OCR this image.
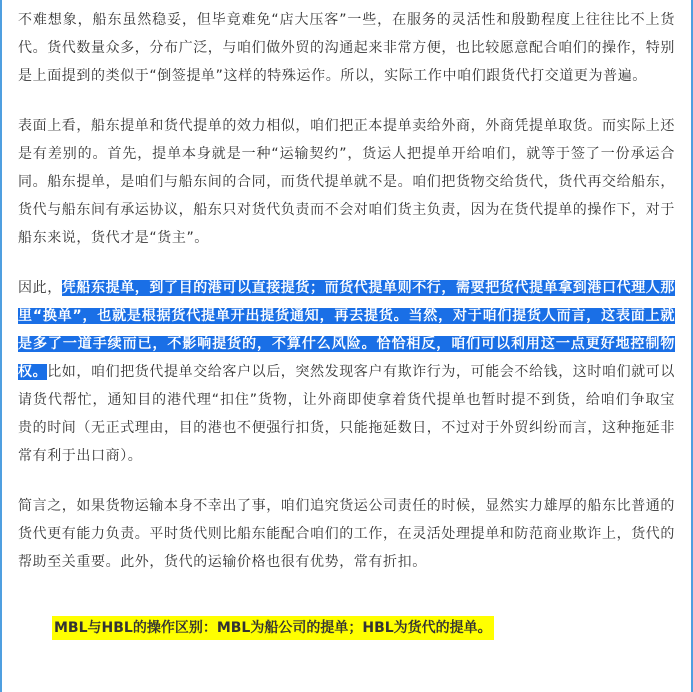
不难想象，船东虽然稳妥，但毕竟难免“店大压客”一些，在服务的灵活性和殷勤程度上往往比不上货代。货代数量众多，分布广泛，与咱们做外贸的沟通起来非常方便，也比较愿意配合咱们的操作，特别是上面提到的类似于“倒签提单”这样的特殊运作。所以，实际工作中咱们跟货代打交道更为普遍。

表面上看，船东提单和货代提单的效力相似，咱们把正本提单卖给外商，外商凭提单取货。而实际上还是有差别的。首先，提单本身就是一种“运输契约”，货运人把提单开给咱们，就等于签了一份承运合同。船东提单，是咱们与船东间的合同，而货代提单就不是。咱们把货物交给货代，货代再交给船东，货代与船东间有承运协议，船东只对货代负责而不会对咱们货主负责，因为在货代提单的操作下，对于船东来说，货代才是“货主”。

因此，凭船东提单，到了目的港可以直接提货；而货代提单则不行，需要把货代提单拿到港口代理人那里“换单”，也就是根据货代提单开出提货通知，再去提货。当然，对于咱们提货人而言，这表面上就是多了一道手续而已，不影响提货的，不算什么风险。恰恰相反，咱们可以利用这一点更好地控制物权。比如，咱们把货代提单交给客户以后，突然发现客户有欺诈行为，可能会不给钱，这时咱们就可以请货代帮忙，通知目的港代理“扣住”货物，让外商即使拿着货代提单也暂时提不到货，给咱们争取宝贵的时间（无正式理由，目的港也不便强行扣货，只能拖延数日，不过对于外贸纠纷而言，这种拖延非常有利于出口商）。

简言之，如果货物运输本身不幸出了事，咱们追究货运公司责任的时候，显然实力雄厚的船东比普通的货代更有能力负责。平时货代则比船东能配合咱们的工作，在灵活处理提单和防范商业欺诈上，货代的帮助至关重要。此外，货代的运输价格也很有优势，常有折扣。

MBL与HBL的操作区别：MBL为船公司的提单；HBL为货代的提单。
